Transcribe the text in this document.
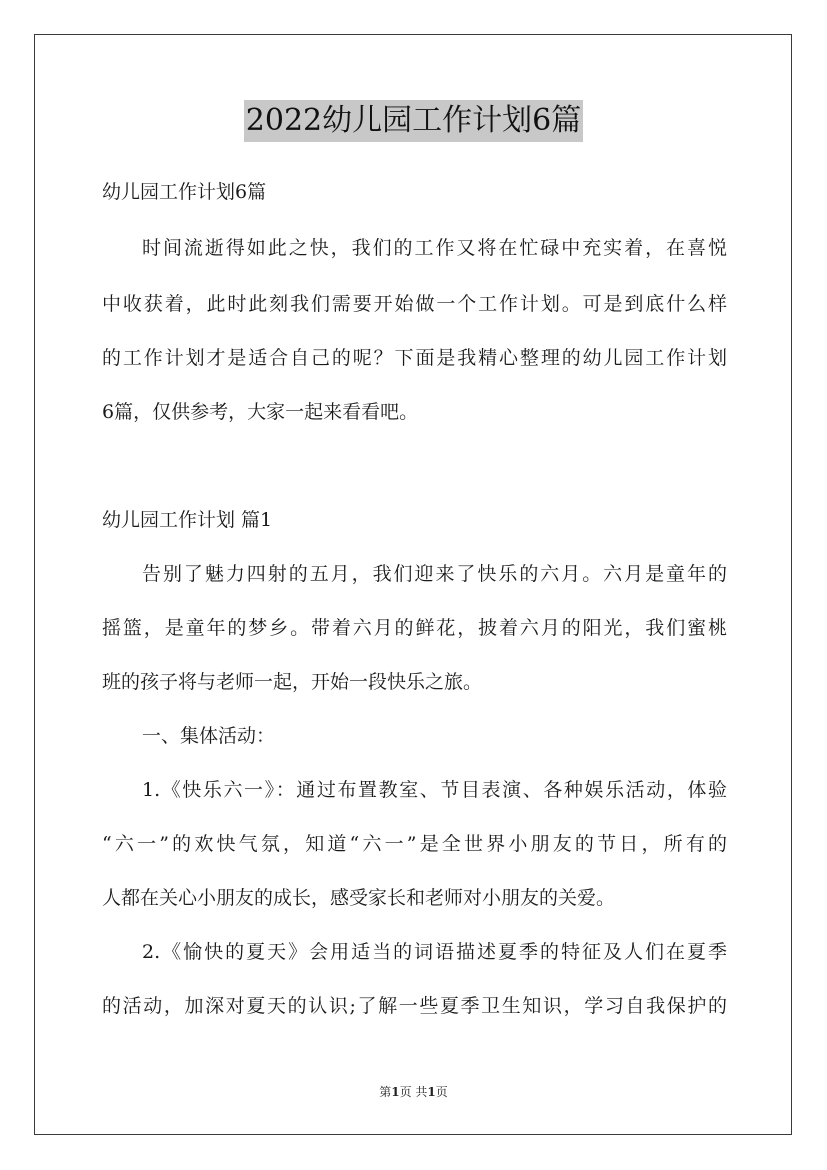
2022幼儿园工作计划6篇
幼儿园工作计划6篇
时间流逝得如此之快，我们的工作又将在忙碌中充实着，在喜悦
中收获着，此时此刻我们需要开始做一个工作计划。可是到底什么样
的工作计划才是适合自己的呢？下面是我精心整理的幼儿园工作计划
6篇，仅供参考，大家一起来看看吧。
幼儿园工作计划 篇1
告别了魅力四射的五月，我们迎来了快乐的六月。六月是童年的
摇篮，是童年的梦乡。带着六月的鲜花，披着六月的阳光，我们蜜桃
班的孩子将与老师一起，开始一段快乐之旅。
一、集体活动：
1.《快乐六一》：通过布置教室、节目表演、各种娱乐活动，体验
“六一”的欢快气氛，知道“六一”是全世界小朋友的节日，所有的
人都在关心小朋友的成长，感受家长和老师对小朋友的关爱。
2.《愉快的夏天》会用适当的词语描述夏季的特征及人们在夏季
的活动，加深对夏天的认识;了解一些夏季卫生知识，学习自我保护的
第1页 共1页
